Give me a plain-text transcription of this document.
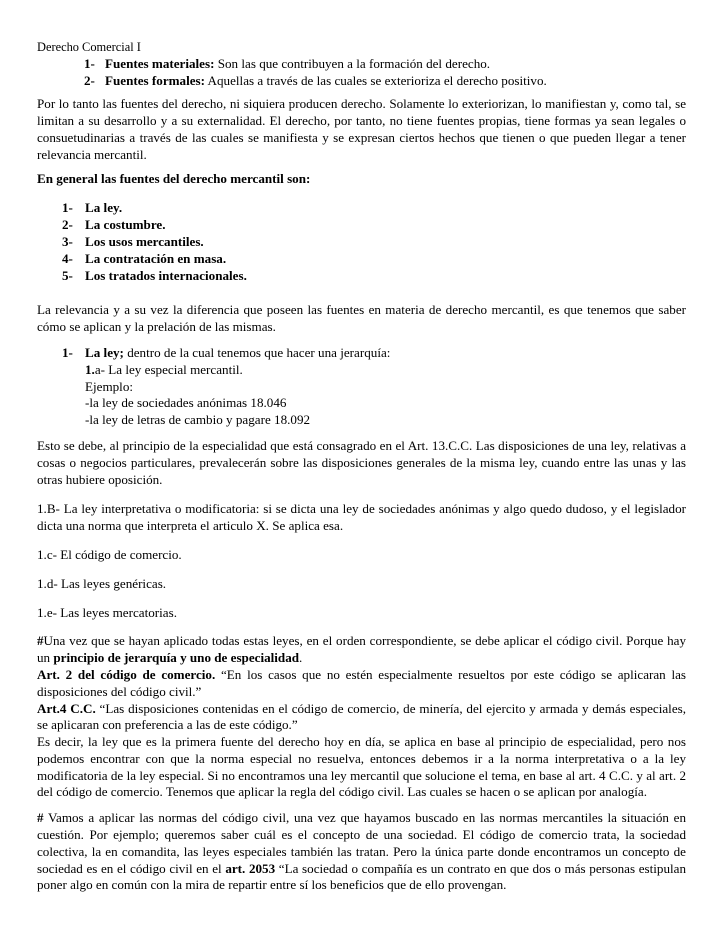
Derecho Comercial I
1- Fuentes materiales: Son las que contribuyen a la formación del derecho.
2- Fuentes formales: Aquellas a través de las cuales se exterioriza el derecho positivo.

Por lo tanto las fuentes del derecho, ni siquiera producen derecho. Solamente lo exteriorizan, lo manifiestan y, como tal, se limitan a su desarrollo y a su externalidad. El derecho, por tanto, no tiene fuentes propias, tiene formas ya sean legales o consuetudinarias a través de las cuales se manifiesta y se expresan ciertos hechos que tienen o que pueden llegar a tener relevancia mercantil.

En general las fuentes del derecho mercantil son:

1- La ley.
2- La costumbre.
3- Los usos mercantiles.
4- La contratación en masa.
5- Los tratados internacionales.

La relevancia y a su vez la diferencia que poseen las fuentes en materia de derecho mercantil, es que tenemos que saber cómo se aplican y la prelación de las mismas.

1- La ley; dentro de la cual tenemos que hacer una jerarquía:
1.a- La ley especial mercantil.
Ejemplo:
-la ley de sociedades anónimas 18.046
-la ley de letras de cambio y pagare 18.092

Esto se debe, al principio de la especialidad que está consagrado en el Art. 13.C.C. Las disposiciones de una ley, relativas a cosas o negocios particulares, prevalecerán sobre las disposiciones generales de la misma ley, cuando entre las unas y las otras hubiere oposición.

1.B- La ley interpretativa o modificatoria: si se dicta una ley de sociedades anónimas y algo quedo dudoso, y el legislador dicta una norma que interpreta el articulo X. Se aplica esa.

1.c- El código de comercio.

1.d- Las leyes genéricas.

1.e- Las leyes mercatorias.

#Una vez que se hayan aplicado todas estas leyes, en el orden correspondiente, se debe aplicar el código civil. Porque hay un principio de jerarquía y uno de especialidad.

Art. 2 del código de comercio. “En los casos que no estén especialmente resueltos por este código se aplicaran las disposiciones del código civil.”

Art.4 C.C. “Las disposiciones contenidas en el código de comercio, de minería, del ejercito y armada y demás especiales, se aplicaran con preferencia a las de este código.”

Es decir, la ley que es la primera fuente del derecho hoy en día, se aplica en base al principio de especialidad, pero nos podemos encontrar con que la norma especial no resuelva, entonces debemos ir a la norma interpretativa o a la ley modificatoria de la ley especial. Si no encontramos una ley mercantil que solucione el tema, en base al art. 4 C.C. y al art. 2 del código de comercio. Tenemos que aplicar la regla del código civil. Las cuales se hacen o se aplican por analogía.

# Vamos a aplicar las normas del código civil, una vez que hayamos buscado en las normas mercantiles la situación en cuestión. Por ejemplo; queremos saber cuál es el concepto de una sociedad. El código de comercio trata, la sociedad colectiva, la en comandita, las leyes especiales también las tratan. Pero la única parte donde encontramos un concepto de sociedad es en el código civil en el art. 2053 “La sociedad o compañía es un contrato en que dos o más personas estipulan poner algo en común con la mira de repartir entre sí los beneficios que de ello provengan.
